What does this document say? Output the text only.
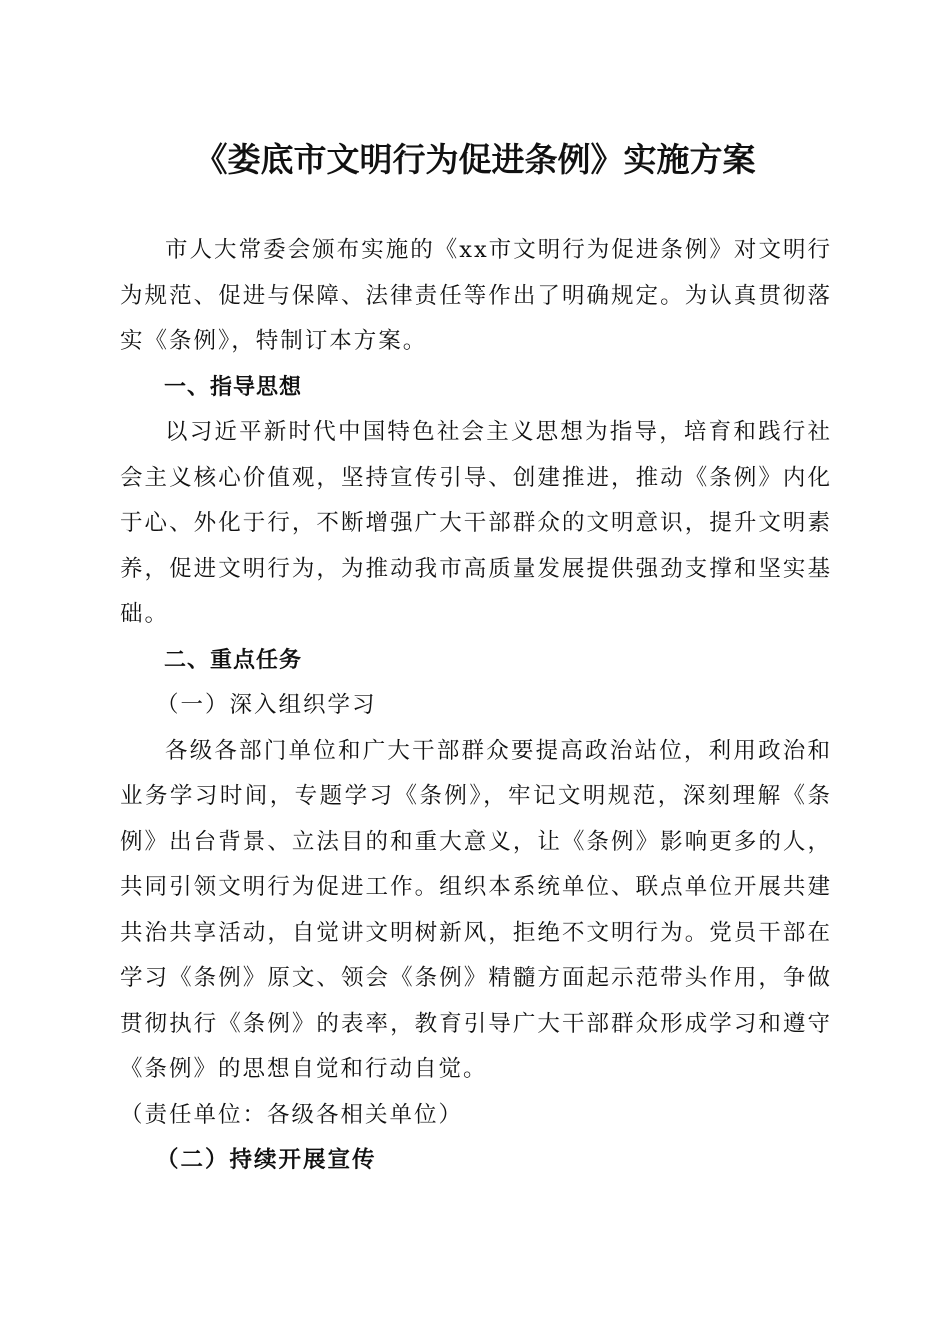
《娄底市文明行为促进条例》实施方案

市人大常委会颁布实施的《xx市文明行为促进条例》对文明行为规范、促进与保障、法律责任等作出了明确规定。为认真贯彻落实《条例》，特制订本方案。

一、指导思想

以习近平新时代中国特色社会主义思想为指导，培育和践行社会主义核心价值观，坚持宣传引导、创建推进，推动《条例》内化于心、外化于行，不断增强广大干部群众的文明意识，提升文明素养，促进文明行为，为推动我市高质量发展提供强劲支撑和坚实基础。

二、重点任务

（一）深入组织学习

各级各部门单位和广大干部群众要提高政治站位，利用政治和业务学习时间，专题学习《条例》，牢记文明规范，深刻理解《条例》出台背景、立法目的和重大意义，让《条例》影响更多的人，共同引领文明行为促进工作。组织本系统单位、联点单位开展共建共治共享活动，自觉讲文明树新风，拒绝不文明行为。党员干部在学习《条例》原文、领会《条例》精髓方面起示范带头作用，争做贯彻执行《条例》的表率，教育引导广大干部群众形成学习和遵守《条例》的思想自觉和行动自觉。

（责任单位：各级各相关单位）

（二）持续开展宣传
